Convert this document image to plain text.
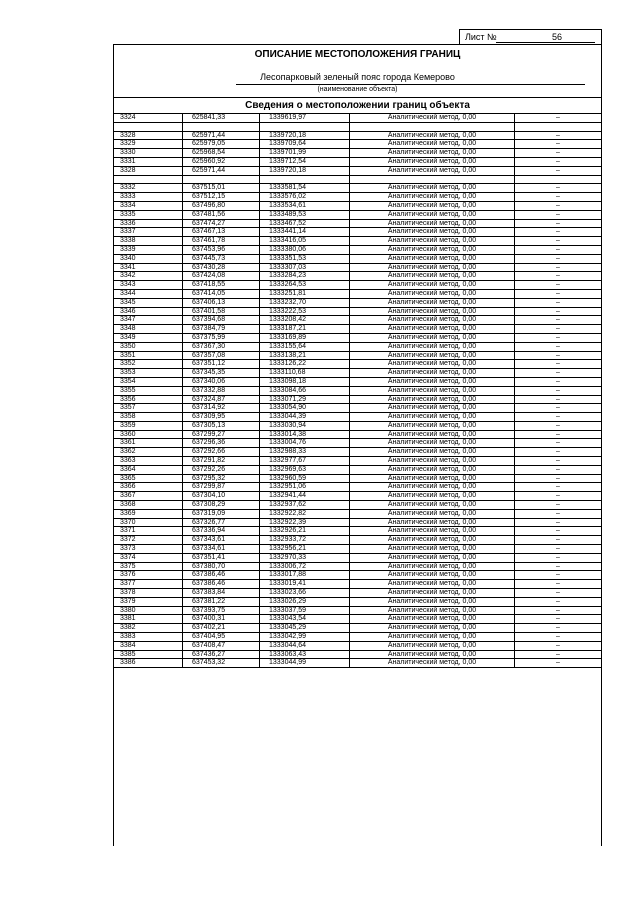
Лист №	56
ОПИСАНИЕ МЕСТОПОЛОЖЕНИЯ ГРАНИЦ
Лесопарковый зеленый пояс города Кемерово
(наименование объекта)
Сведения о местоположении границ объекта
3324	625841,33	1339619,97	Аналитический метод, 0,00	–
3328	625971,44	1339720,18	Аналитический метод, 0,00	–
3329	625979,05	1339709,64	Аналитический метод, 0,00	–
3330	625968,54	1339701,99	Аналитический метод, 0,00	–
3331	625960,92	1339712,54	Аналитический метод, 0,00	–
3328	625971,44	1339720,18	Аналитический метод, 0,00	–
3332	637515,01	1333581,54	Аналитический метод, 0,00	–
3333	637512,15	1333576,02	Аналитический метод, 0,00	–
3334	637496,80	1333534,61	Аналитический метод, 0,00	–
3335	637481,56	1333489,53	Аналитический метод, 0,00	–
3336	637474,27	1333467,52	Аналитический метод, 0,00	–
3337	637467,13	1333441,14	Аналитический метод, 0,00	–
3338	637461,78	1333416,05	Аналитический метод, 0,00	–
3339	637453,96	1333380,06	Аналитический метод, 0,00	–
3340	637445,73	1333351,53	Аналитический метод, 0,00	–
3341	637430,28	1333307,03	Аналитический метод, 0,00	–
3342	637424,08	1333284,23	Аналитический метод, 0,00	–
3343	637418,55	1333264,53	Аналитический метод, 0,00	–
3344	637414,05	1333251,81	Аналитический метод, 0,00	–
3345	637406,13	1333232,70	Аналитический метод, 0,00	–
3346	637401,58	1333222,53	Аналитический метод, 0,00	–
3347	637394,68	1333208,42	Аналитический метод, 0,00	–
3348	637384,79	1333187,21	Аналитический метод, 0,00	–
3349	637375,99	1333169,89	Аналитический метод, 0,00	–
3350	637367,30	1333155,64	Аналитический метод, 0,00	–
3351	637357,08	1333138,21	Аналитический метод, 0,00	–
3352	637351,12	1333126,22	Аналитический метод, 0,00	–
3353	637345,35	1333110,68	Аналитический метод, 0,00	–
3354	637340,06	1333098,18	Аналитический метод, 0,00	–
3355	637332,88	1333084,66	Аналитический метод, 0,00	–
3356	637324,87	1333071,29	Аналитический метод, 0,00	–
3357	637314,92	1333054,90	Аналитический метод, 0,00	–
3358	637309,95	1333044,39	Аналитический метод, 0,00	–
3359	637305,13	1333030,94	Аналитический метод, 0,00	–
3360	637299,27	1333014,38	Аналитический метод, 0,00	–
3361	637296,36	1333004,76	Аналитический метод, 0,00	–
3362	637292,66	1332988,33	Аналитический метод, 0,00	–
3363	637291,82	1332977,67	Аналитический метод, 0,00	–
3364	637292,26	1332969,63	Аналитический метод, 0,00	–
3365	637295,32	1332960,59	Аналитический метод, 0,00	–
3366	637299,87	1332951,06	Аналитический метод, 0,00	–
3367	637304,10	1332941,44	Аналитический метод, 0,00	–
3368	637308,29	1332937,62	Аналитический метод, 0,00	–
3369	637319,09	1332922,82	Аналитический метод, 0,00	–
3370	637326,77	1332922,39	Аналитический метод, 0,00	–
3371	637336,94	1332926,21	Аналитический метод, 0,00	–
3372	637343,61	1332933,72	Аналитический метод, 0,00	–
3373	637334,61	1332956,21	Аналитический метод, 0,00	–
3374	637351,41	1332970,33	Аналитический метод, 0,00	–
3375	637380,70	1333006,72	Аналитический метод, 0,00	–
3376	637386,46	1333017,88	Аналитический метод, 0,00	–
3377	637386,46	1333019,41	Аналитический метод, 0,00	–
3378	637383,84	1333023,66	Аналитический метод, 0,00	–
3379	637381,22	1333026,29	Аналитический метод, 0,00	–
3380	637393,75	1333037,59	Аналитический метод, 0,00	–
3381	637400,31	1333043,54	Аналитический метод, 0,00	–
3382	637402,21	1333045,29	Аналитический метод, 0,00	–
3383	637404,95	1333042,99	Аналитический метод, 0,00	–
3384	637408,47	1333044,64	Аналитический метод, 0,00	–
3385	637436,27	1333063,43	Аналитический метод, 0,00	–
3386	637453,32	1333044,99	Аналитический метод, 0,00	–
